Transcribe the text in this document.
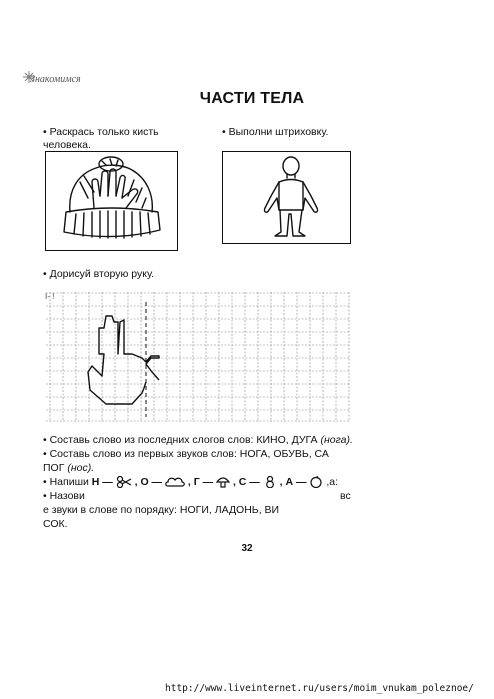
Знакомимся
ЧАСТИ ТЕЛА
• Раскрась только кисть человека.
• Выполни штриховку.
• Дорисуй вторую руку.
• Составь слово из последних слогов слов: КИНО, ДУГА (нога).
• Составь слово из первых звуков слов: НОГА, ОБУВЬ, СА
ПОГ (нос).
• Напиши Н — , О — , Г — , С — , А — ,а:
• Назови	вс
е звуки в слове по порядку: НОГИ, ЛАДОНЬ, ВИ
СОК.
32
http://www.liveinternet.ru/users/moim_vnukam_poleznoe/
I- !
